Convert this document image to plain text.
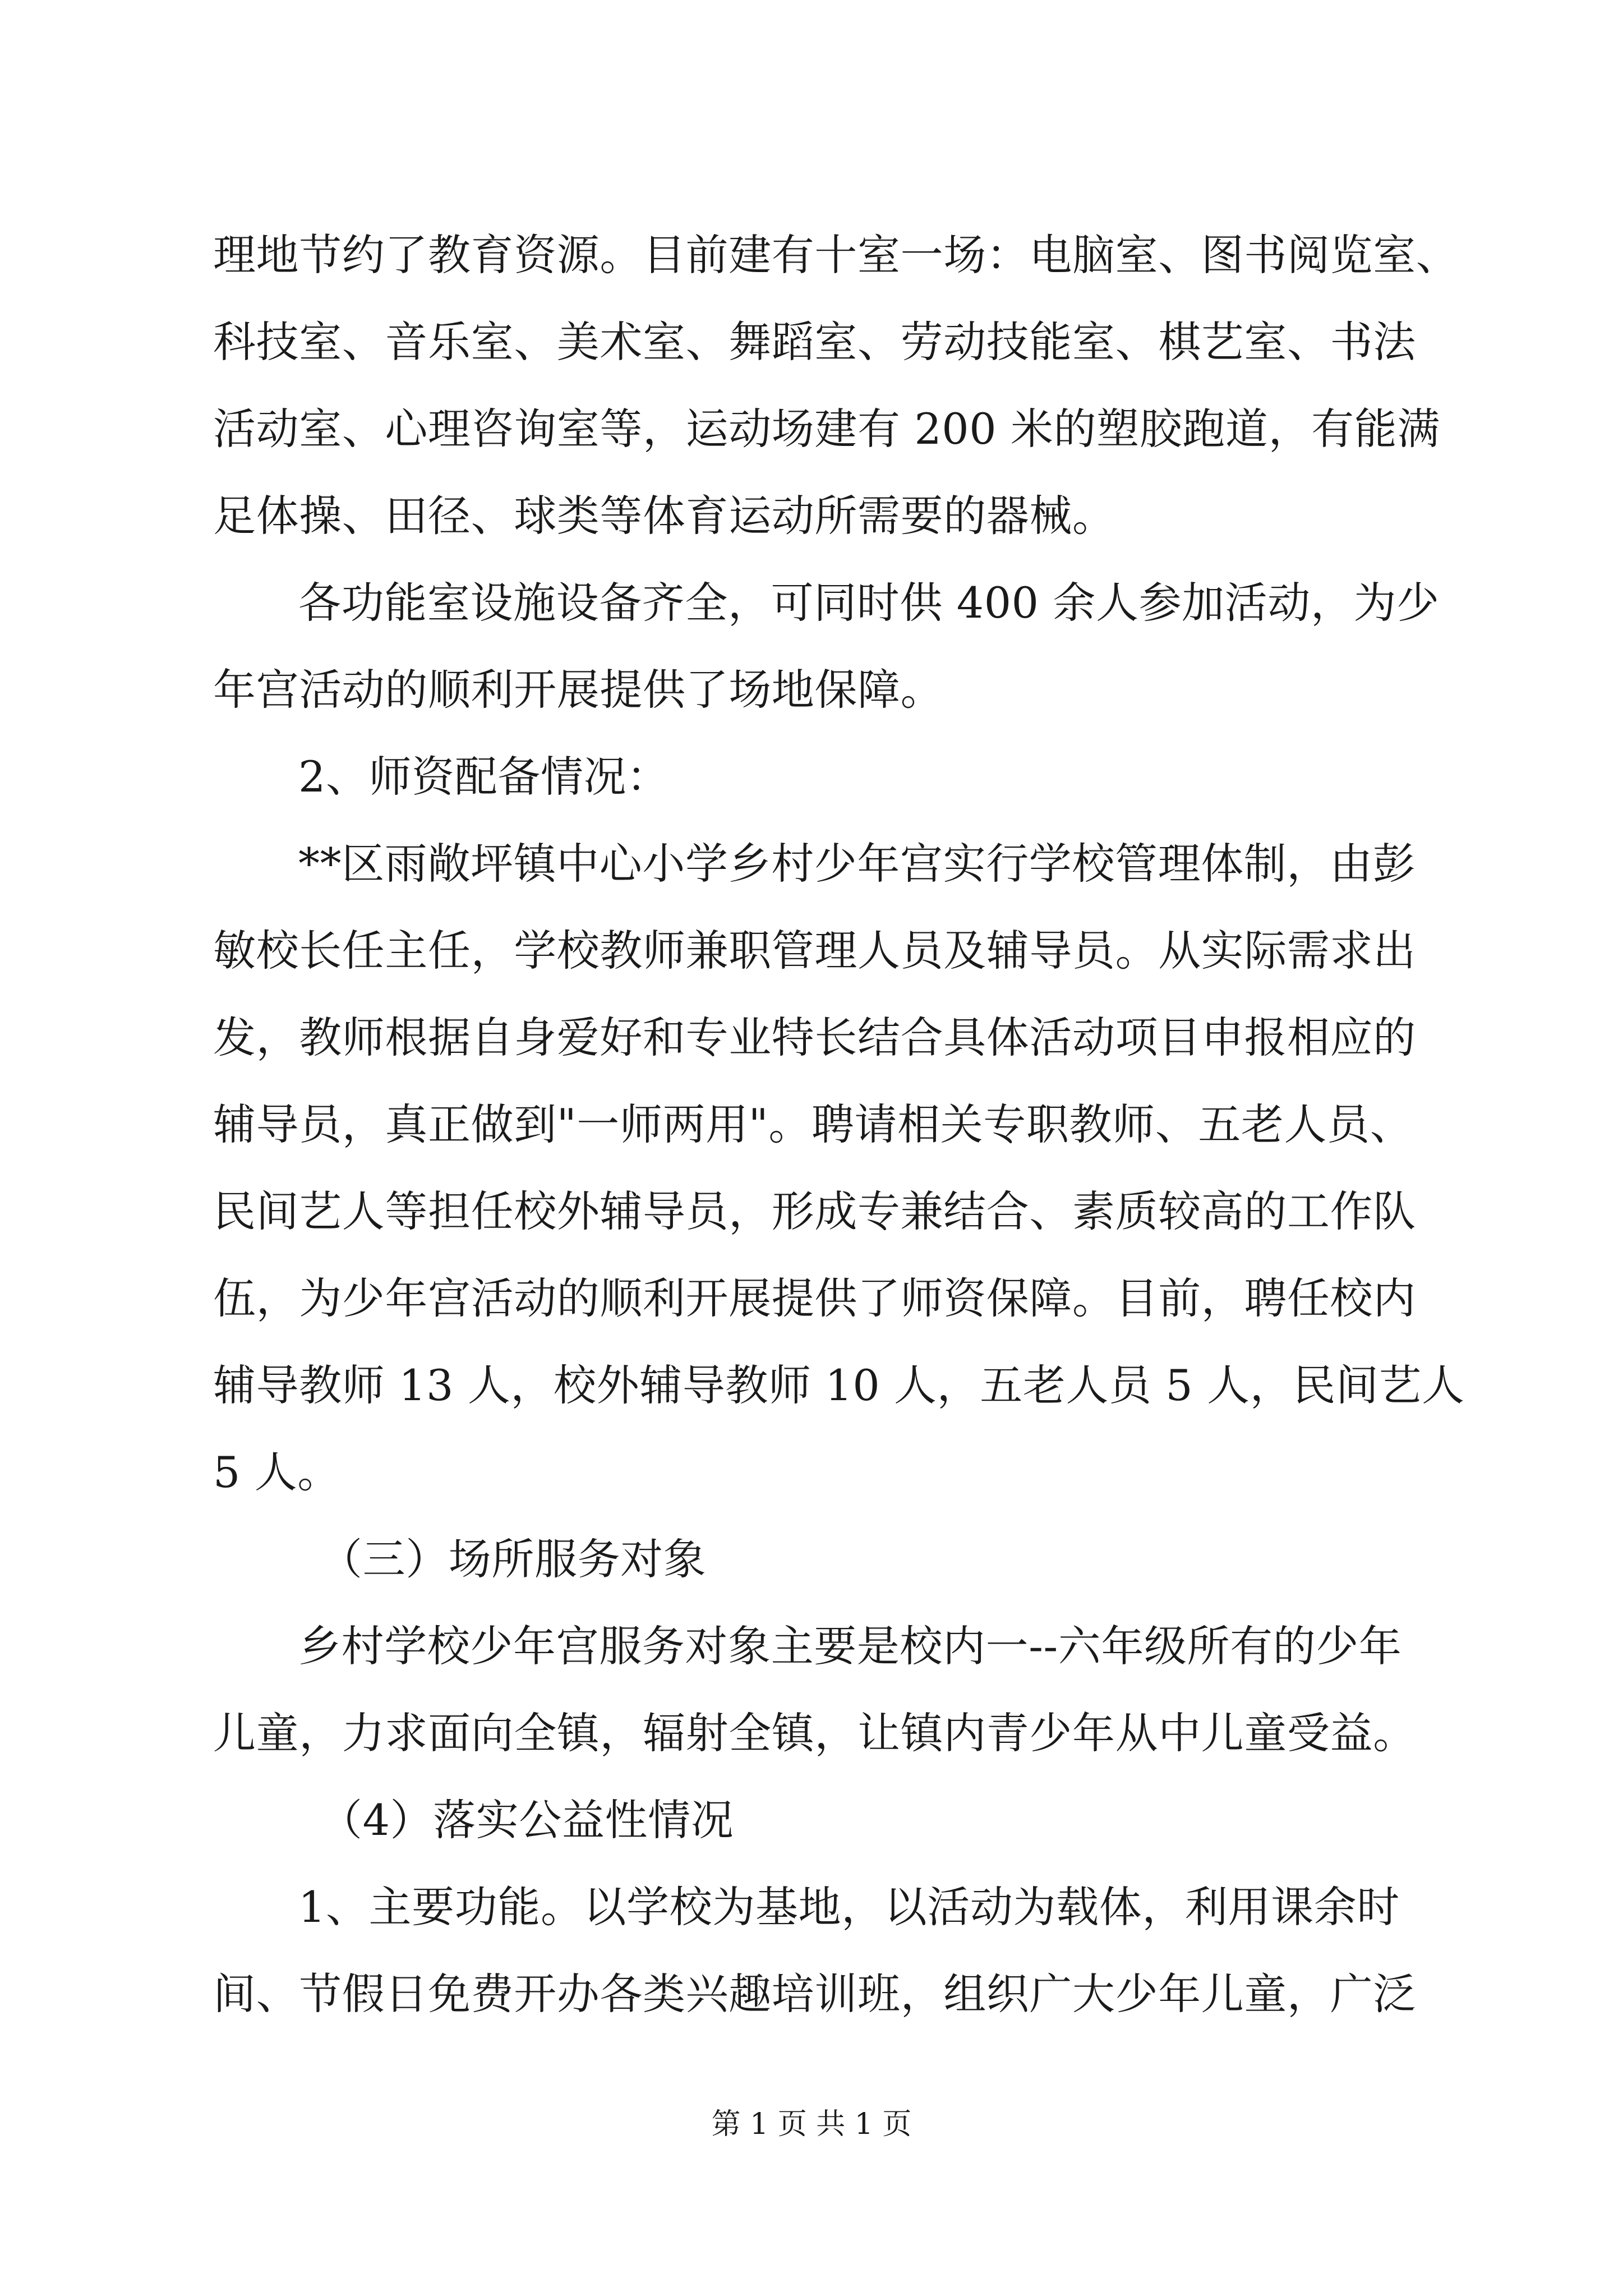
理地节约了教育资源。目前建有十室一场：电脑室、图书阅览室、
科技室、音乐室、美术室、舞蹈室、劳动技能室、棋艺室、书法
活动室、心理咨询室等，运动场建有 200 米的塑胶跑道，有能满
足体操、田径、球类等体育运动所需要的器械。
各功能室设施设备齐全，可同时供 400 余人参加活动，为少
年宫活动的顺利开展提供了场地保障。
2、师资配备情况：
**区雨敞坪镇中心小学乡村少年宫实行学校管理体制，由彭
敏校长任主任，学校教师兼职管理人员及辅导员。从实际需求出
发，教师根据自身爱好和专业特长结合具体活动项目申报相应的
辅导员，真正做到"一师两用"。聘请相关专职教师、五老人员、
民间艺人等担任校外辅导员，形成专兼结合、素质较高的工作队
伍，为少年宫活动的顺利开展提供了师资保障。目前，聘任校内
辅导教师 13 人，校外辅导教师 10 人，五老人员 5 人，民间艺人
5 人。
（三）场所服务对象
乡村学校少年宫服务对象主要是校内一--六年级所有的少年
儿童，力求面向全镇，辐射全镇，让镇内青少年从中儿童受益。
（4）落实公益性情况
1、主要功能。以学校为基地，以活动为载体，利用课余时
间、节假日免费开办各类兴趣培训班，组织广大少年儿童，广泛
第 1 页 共 1 页
